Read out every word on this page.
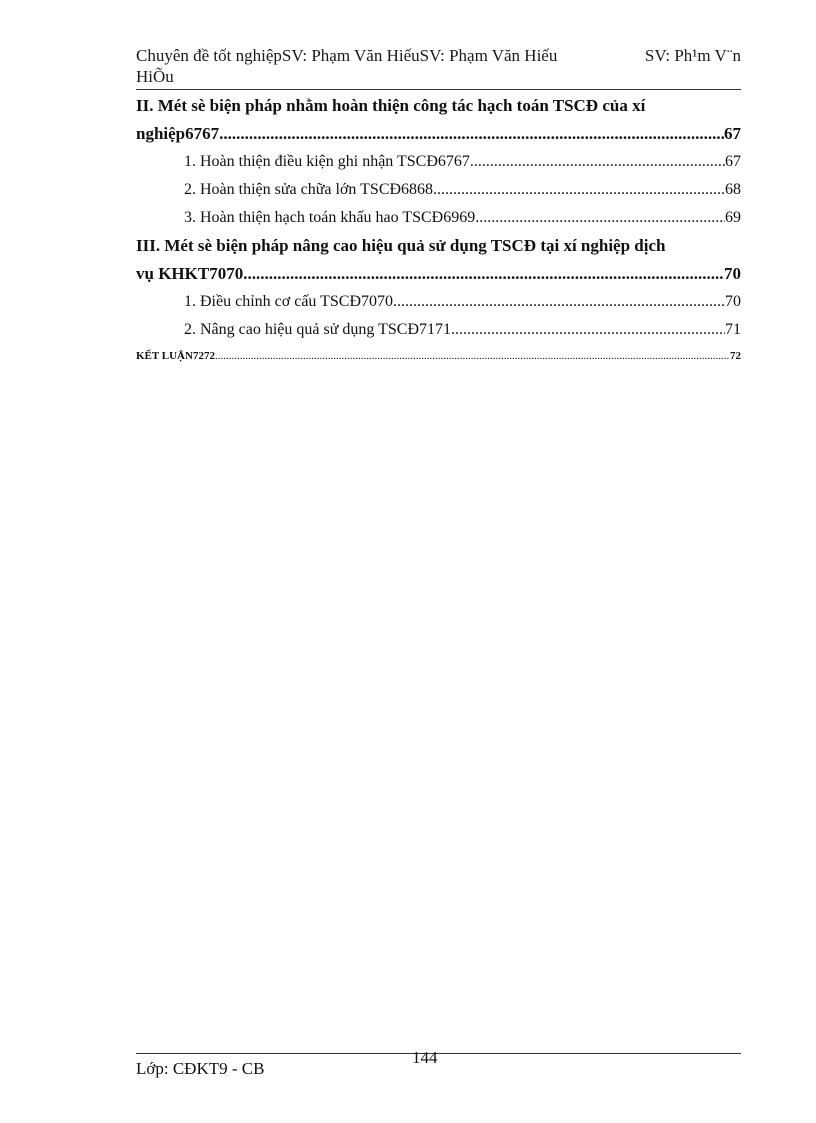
Chuyên đề tốt nghiệpSV: Phạm Văn HiếuSV: Phạm Văn Hiếu	SV: Ph¹m V¨n
HiÕu
II. Mét sè biện pháp nhằm hoàn thiện công tác hạch toán TSCĐ của xí
nghiệp6767 .....	67
1. Hoàn thiện điều kiện ghi nhận TSCĐ6767 .....	67
2. Hoàn thiện sửa chữa lớn TSCĐ6868 .....	68
3. Hoàn thiện hạch toán khấu hao TSCĐ6969 .....	69
III. Mét sè biện pháp nâng cao hiệu quả sử dụng TSCĐ tại xí nghiệp dịch
vụ KHKT7070 .....	70
1. Điều chỉnh cơ cấu TSCĐ7070 .....	70
2. Nâng cao hiệu quả sử dụng TSCĐ7171 .....	71
KẾT LUẬN7272 .....	72
144
Lớp: CĐKT9 - CB
